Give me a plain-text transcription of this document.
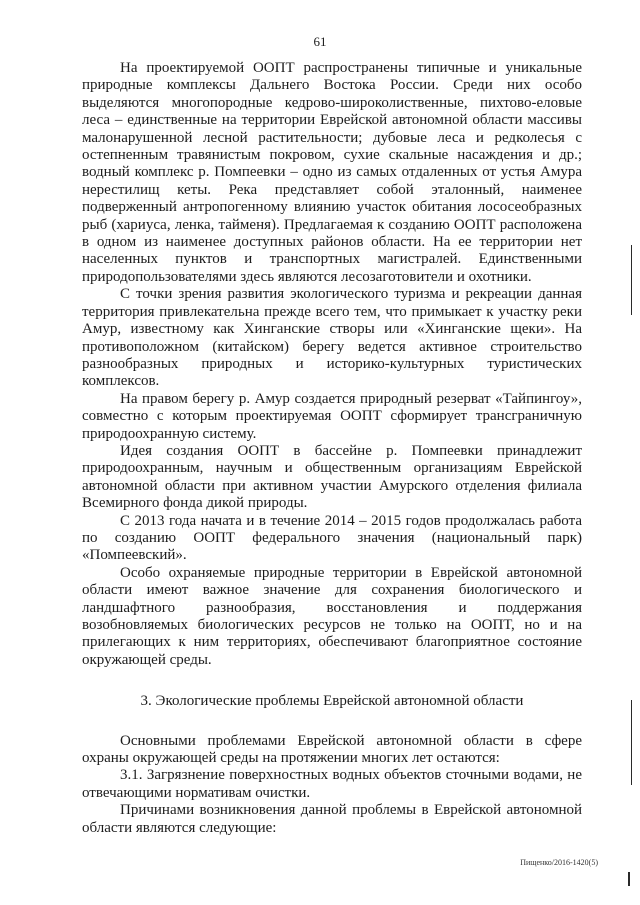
61

На проектируемой ООПТ распространены типичные и уникальные природные комплексы Дальнего Востока России. Среди них особо выделяются многопородные кедрово-широколиственные, пихтово-еловые леса – единственные на территории Еврейской автономной области массивы малонарушенной лесной растительности; дубовые леса и редколесья с остепненным травянистым покровом, сухие скальные насаждения и др.; водный комплекс р. Помпеевки – одно из самых отдаленных от устья Амура нерестилищ кеты. Река представляет собой эталонный, наименее подверженный антропогенному влиянию участок обитания лососеобразных рыб (хариуса, ленка, тайменя). Предлагаемая к созданию ООПТ расположена в одном из наименее доступных районов области. На ее территории нет населенных пунктов и транспортных магистралей. Единственными природопользователями здесь являются лесозаготовители и охотники.

С точки зрения развития экологического туризма и рекреации данная территория привлекательна прежде всего тем, что примыкает к участку реки Амур, известному как Хинганские створы или «Хинганские щеки». На противоположном (китайском) берегу ведется активное строительство разнообразных природных и историко-культурных туристических комплексов.

На правом берегу р. Амур создается природный резерват «Тайпингоу», совместно с которым проектируемая ООПТ сформирует трансграничную природоохранную систему.

Идея создания ООПТ в бассейне р. Помпеевки принадлежит природоохранным, научным и общественным организациям Еврейской автономной области при активном участии Амурского отделения филиала Всемирного фонда дикой природы.

С 2013 года начата и в течение 2014 – 2015 годов продолжалась работа по созданию ООПТ федерального значения (национальный парк) «Помпеевский».

Особо охраняемые природные территории в Еврейской автономной области имеют важное значение для сохранения биологического и ландшафтного разнообразия, восстановления и поддержания возобновляемых биологических ресурсов не только на ООПТ, но и на прилегающих к ним территориях, обеспечивают благоприятное состояние окружающей среды.

3. Экологические проблемы Еврейской автономной области

Основными проблемами Еврейской автономной области в сфере охраны окружающей среды на протяжении многих лет остаются:

3.1. Загрязнение поверхностных водных объектов сточными водами, не отвечающими нормативам очистки.

Причинами возникновения данной проблемы в Еврейской автономной области являются следующие:

Пищенко/2016-1420(5)
